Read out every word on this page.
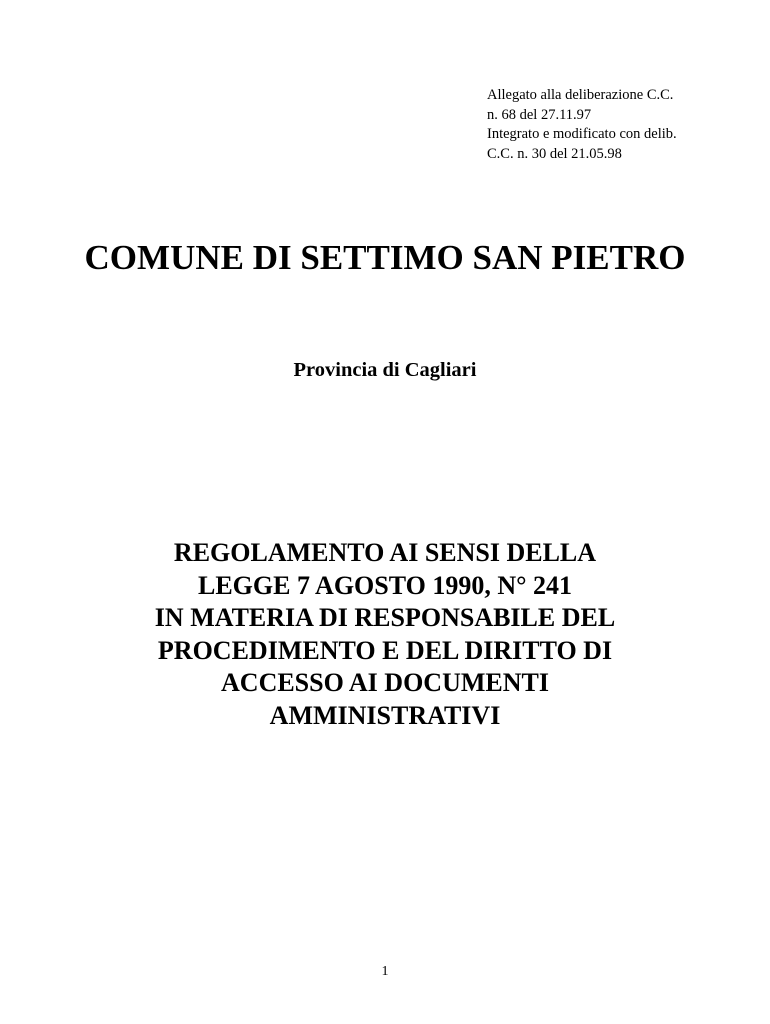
Allegato alla deliberazione C.C.
n. 68 del 27.11.97
Integrato e modificato con delib.
C.C. n. 30 del 21.05.98
COMUNE DI SETTIMO SAN PIETRO
Provincia di Cagliari
REGOLAMENTO AI SENSI DELLA
LEGGE 7 AGOSTO 1990, N° 241
IN MATERIA DI RESPONSABILE DEL
PROCEDIMENTO E DEL DIRITTO DI
ACCESSO AI DOCUMENTI
AMMINISTRATIVI
1
